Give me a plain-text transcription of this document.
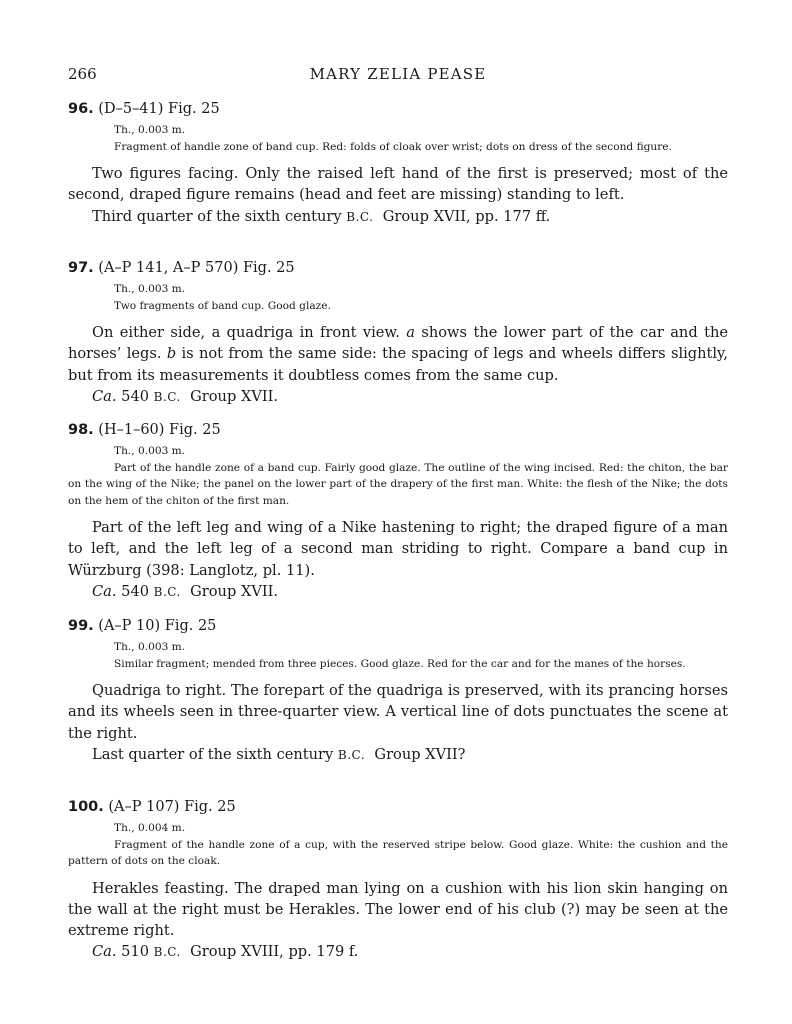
266	MARY ZELIA PEASE

96. (D–5–41) Fig. 25

Th., 0.003 m.

Fragment of handle zone of band cup. Red: folds of cloak over wrist; dots on dress of the second figure.

Two figures facing. Only the raised left hand of the first is preserved; most of the second, draped figure remains (head and feet are missing) standing to left.

Third quarter of the sixth century B.C. Group XVII, pp. 177 ff.

97. (A–P 141, A–P 570) Fig. 25

Th., 0.003 m.

Two fragments of band cup. Good glaze.

On either side, a quadriga in front view. a shows the lower part of the car and the horses’ legs. b is not from the same side: the spacing of legs and wheels differs slightly, but from its measurements it doubtless comes from the same cup.

Ca. 540 B.C. Group XVII.

98. (H–1–60) Fig. 25

Th., 0.003 m.

Part of the handle zone of a band cup. Fairly good glaze. The outline of the wing incised. Red: the chiton, the bar on the wing of the Nike; the panel on the lower part of the drapery of the first man. White: the flesh of the Nike; the dots on the hem of the chiton of the first man.

Part of the left leg and wing of a Nike hastening to right; the draped figure of a man to left, and the left leg of a second man striding to right. Compare a band cup in Würzburg (398: Langlotz, pl. 11).

Ca. 540 B.C. Group XVII.

99. (A–P 10) Fig. 25

Th., 0.003 m.

Similar fragment; mended from three pieces. Good glaze. Red for the car and for the manes of the horses.

Quadriga to right. The forepart of the quadriga is preserved, with its prancing horses and its wheels seen in three-quarter view. A vertical line of dots punctuates the scene at the right.

Last quarter of the sixth century B.C. Group XVII?

100. (A–P 107) Fig. 25

Th., 0.004 m.

Fragment of the handle zone of a cup, with the reserved stripe below. Good glaze. White: the cushion and the pattern of dots on the cloak.

Herakles feasting. The draped man lying on a cushion with his lion skin hanging on the wall at the right must be Herakles. The lower end of his club (?) may be seen at the extreme right.

Ca. 510 B.C. Group XVIII, pp. 179 f.
